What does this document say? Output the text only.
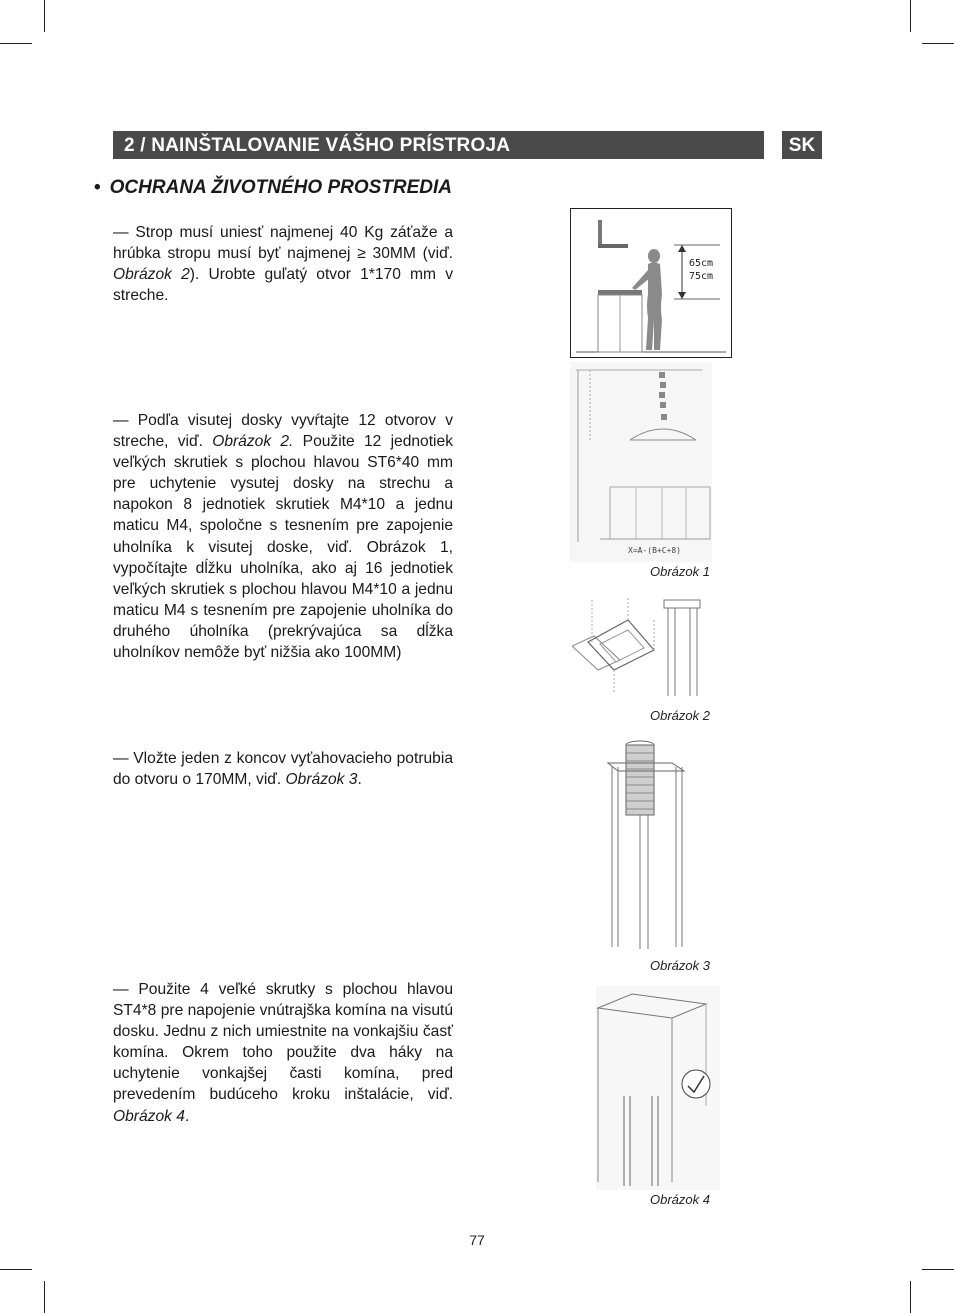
2 / NAINŠTALOVANIE VÁŠHO PRÍSTROJA	SK
• OCHRANA ŽIVOTNÉHO PROSTREDIA
— Strop musí uniesť najmenej 40 Kg záťaže a hrúbka stropu musí byť najmenej ≥ 30MM (viď. Obrázok 2). Urobte guľatý otvor 1*170 mm v streche.
— Podľa visutej dosky vyvŕtajte 12 otvorov v streche, viď. Obrázok 2. Použite 12 jednotiek veľkých skrutiek s plochou hlavou ST6*40 mm pre uchytenie vysutej dosky na strechu a napokon 8 jednotiek skrutiek M4*10 a jednu maticu M4, spoločne s tesnením pre zapojenie uholníka k visutej doske, viď. Obrázok 1, vypočítajte dĺžku uholníka, ako aj 16 jednotiek veľkých skrutiek s plochou hlavou M4*10 a jednu maticu M4 s tesnením pre zapojenie uholníka do druhého úholníka (prekrývajúca sa dĺžka uholníkov nemôže byť nižšia ako 100MM)
— Vložte jeden z koncov vyťahovacieho potrubia do otvoru o 170MM, viď. Obrázok 3.
— Použite 4 veľké skrutky s plochou hlavou ST4*8 pre napojenie vnútrajška komína na visutú dosku. Jednu z nich umiestnite na vonkajšiu časť komína. Okrem toho použite dva háky na uchytenie vonkajšej časti komína, pred prevedením budúceho kroku inštalácie, viď. Obrázok 4.
65cm
75cm
X=A-(B+C+8)
Obrázok 1
Obrázok 2
Obrázok 3
Obrázok 4
77
